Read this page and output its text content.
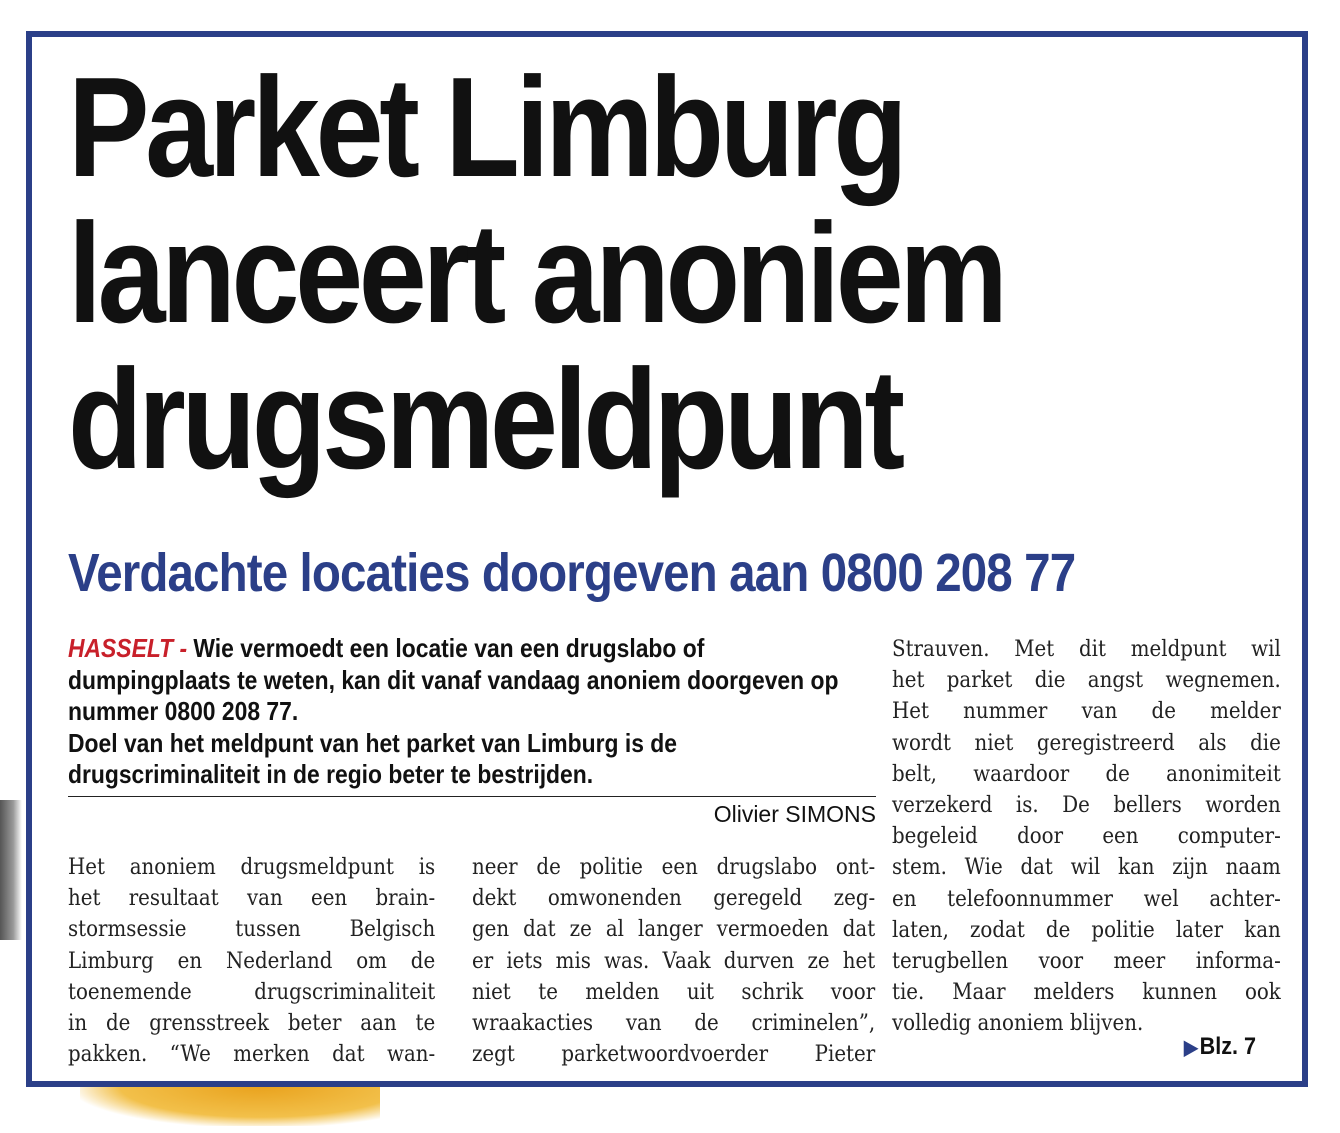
Parket Limburg
lanceert anoniem
drugsmeldpunt
Verdachte locaties doorgeven aan 0800 208 77

HASSELT - Wie vermoedt een locatie van een drugslabo of dumpingplaats te weten, kan dit vanaf vandaag anoniem doorgeven op nummer 0800 208 77.

Doel van het meldpunt van het parket van Limburg is de drugscriminaliteit in de regio beter te bestrijden.

Olivier SIMONS
Het anoniem drugsmeldpunt is
het resultaat van een brain-
stormsessie tussen Belgisch
Limburg en Nederland om de
toenemende drugscriminaliteit
in de grensstreek beter aan te
pakken. “We merken dat wan-
neer de politie een drugslabo ont-
dekt omwonenden geregeld zeg-
gen dat ze al langer vermoeden dat
er iets mis was. Vaak durven ze het
niet te melden uit schrik voor
wraakacties van de criminelen”,
zegt parketwoordvoerder Pieter
Strauven. Met dit meldpunt wil
het parket die angst wegnemen.
Het nummer van de melder
wordt niet geregistreerd als die
belt, waardoor de anonimiteit
verzekerd is. De bellers worden
begeleid door een computer-
stem. Wie dat wil kan zijn naam
en telefoonnummer wel achter-
laten, zodat de politie later kan
terugbellen voor meer informa-
tie. Maar melders kunnen ook
volledig anoniem blijven.
▶Blz. 7
